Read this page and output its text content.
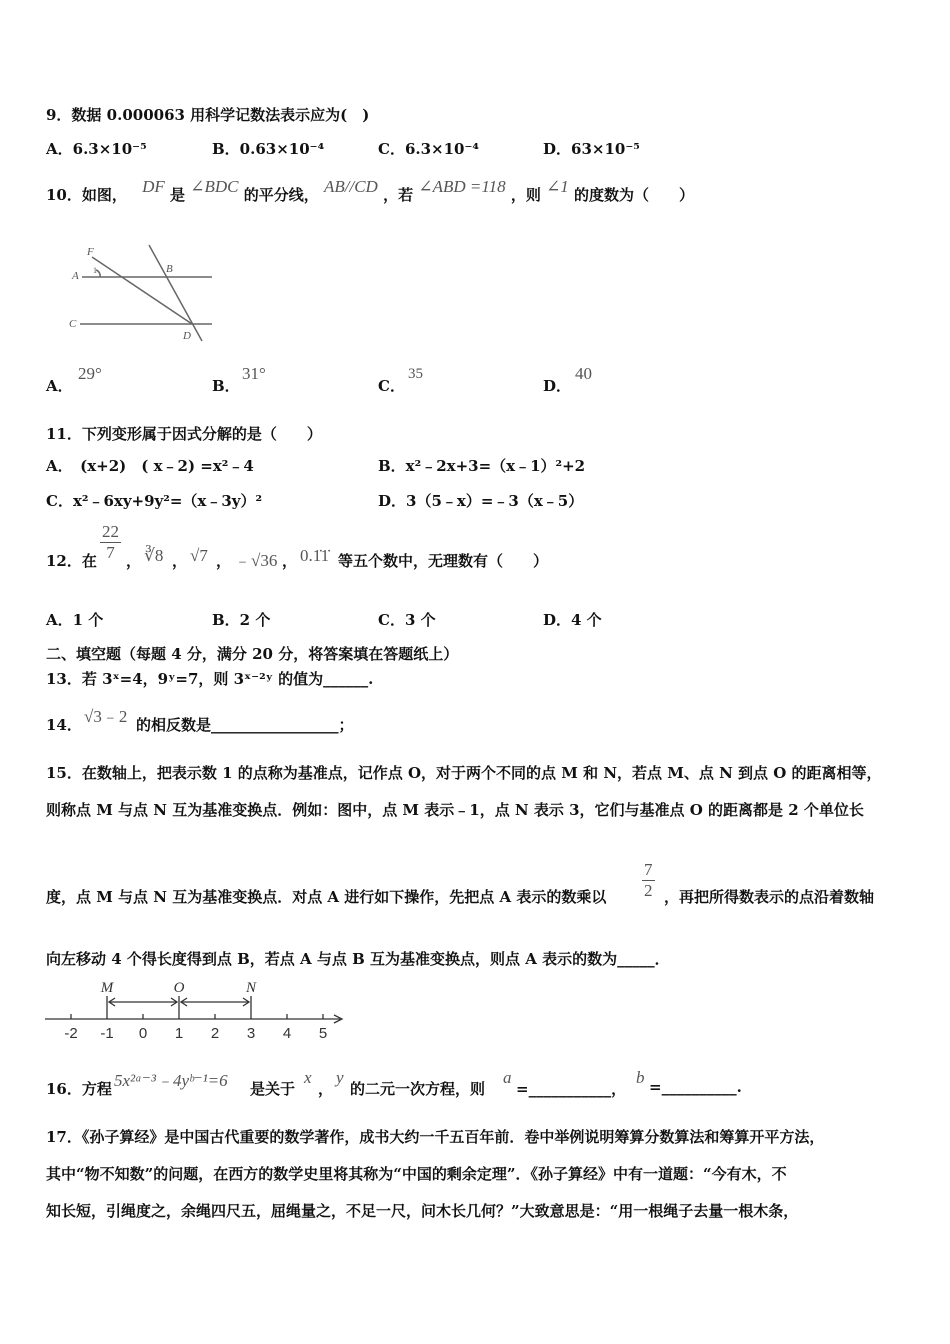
9．数据 0.000063 用科学记数法表示应为(　)
A．6.3×10⁻⁵	B．0.63×10⁻⁴	C．6.3×10⁻⁴	D．63×10⁻⁵
10．如图， DF 是 ∠BDC 的平分线， AB//CD ，若 ∠ABD =118 ，则 ∠1 的度数为（　　）
F
A 1	B
C
D
A．
29°
B．
31°
C．
35
D．
40
11．下列变形属于因式分解的是（　　）
A．　(x+2)　( x﹣2) =x²﹣4	B．x²﹣2x+3=（x﹣1）²+2
C．x²﹣6xy+9y²=（x﹣3y）²	D．3（5﹣x）=﹣3（x﹣5）
12．在 $\frac{22}{7}$ ， ∛8 ， √7 ， ﹣√36 ， 0.1̇1̇ 等五个数中，无理数有（　　）
A．1 个	B．2 个	C．3 个	D．4 个
二、填空题（每题 4 分，满分 20 分，将答案填在答题纸上）
13．若 3ˣ=4，9ʸ=7，则 3ˣ⁻²ʸ 的值为______.
14． √3﹣2 的相反数是_________________；
15．在数轴上，把表示数 1 的点称为基准点，记作点 O，对于两个不同的点 M 和 N，若点 M、点 N 到点 O 的距离相等，
则称点 M 与点 N 互为基准变换点．例如：图中，点 M 表示﹣1，点 N 表示 3，它们与基准点 O 的距离都是 2 个单位长
度，点 M 与点 N 互为基准变换点．对点 A 进行如下操作，先把点 A 表示的数乘以 $\frac{7}{2}$ ，再把所得数表示的点沿着数轴
向左移动 4 个得长度得到点 B，若点 A 与点 B 互为基准变换点，则点 A 表示的数为_____．
M	O	N
-2 -1 0 1 2 3 4 5
16．方程 5x²ᵃ⁻³﹣4yᵇ⁻¹=6 是关于
x
，
y
的二元一次方程，则
a
=___________，
b =__________.
17．《孙子算经》是中国古代重要的数学著作，成书大约一千五百年前．卷中举例说明筹算分数算法和筹算开平方法，
其中“物不知数”的问题，在西方的数学史里将其称为“中国的剩余定理”．《孙子算经》中有一道题：“今有木，不
知长短，引绳度之，余绳四尺五，屈绳量之，不足一尺，问木长几何？”大致意思是：“用一根绳子去量一根木条，
